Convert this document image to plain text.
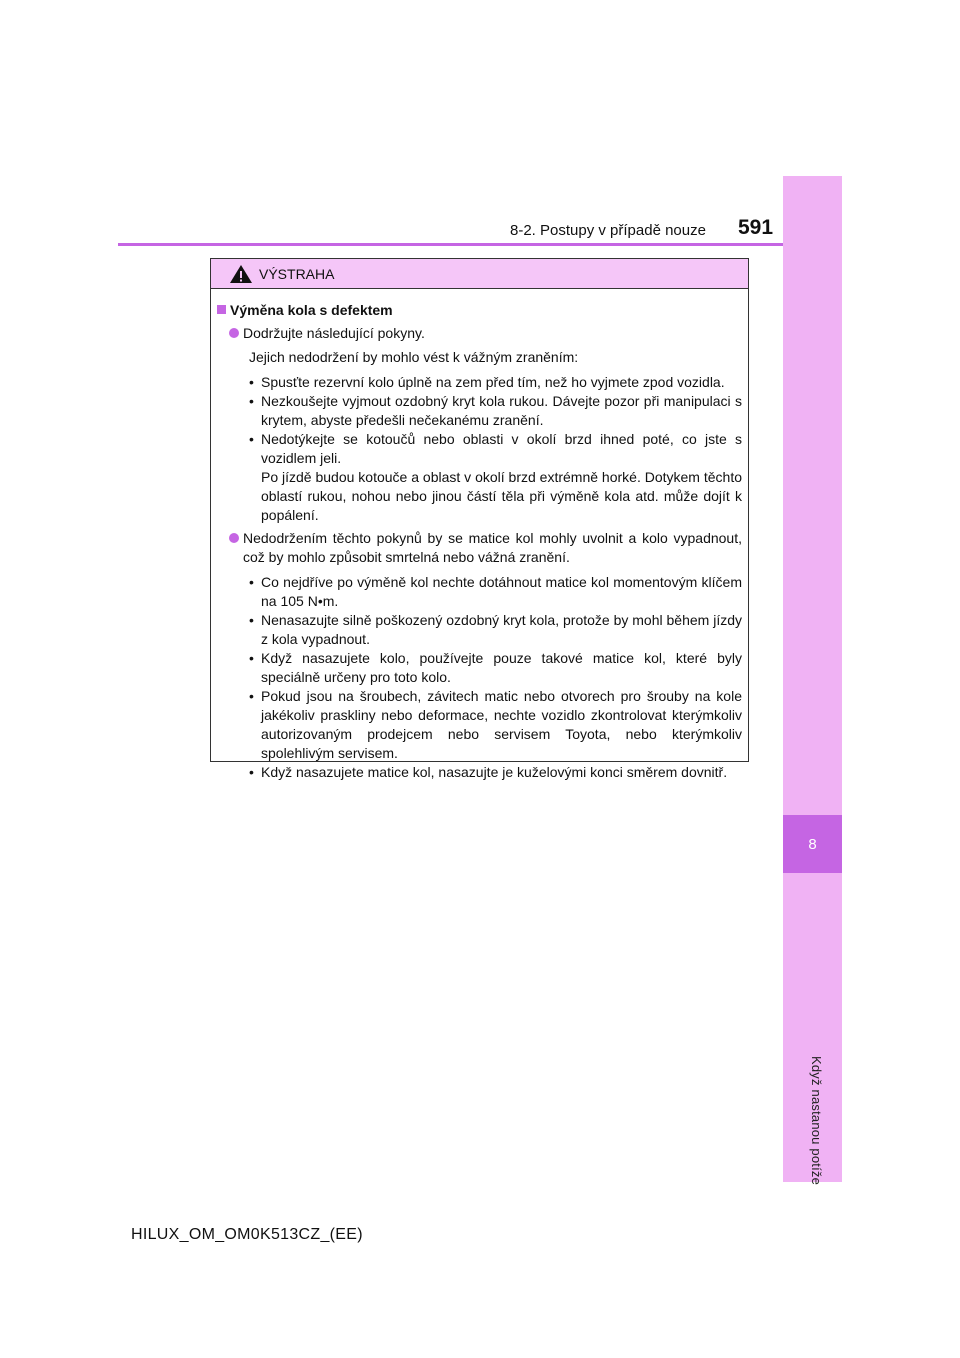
8
Když nastanou potíže
8-2. Postupy v případě nouze 591
VÝSTRAHA
Výměna kola s defektem
Dodržujte následující pokyny.
Jejich nedodržení by mohlo vést k vážným zraněním:
• Spusťte rezervní kolo úplně na zem před tím, než ho vyjmete zpod vozidla.
• Nezkoušejte vyjmout ozdobný kryt kola rukou. Dávejte pozor při manipulaci s krytem, abyste předešli nečekanému zranění.
• Nedotýkejte se kotoučů nebo oblasti v okolí brzd ihned poté, co jste s vozidlem jeli.
Po jízdě budou kotouče a oblast v okolí brzd extrémně horké. Dotykem těchto oblastí rukou, nohou nebo jinou částí těla při výměně kola atd. může dojít k popálení.
Nedodržením těchto pokynů by se matice kol mohly uvolnit a kolo vypadnout, což by mohlo způsobit smrtelná nebo vážná zranění.
• Co nejdříve po výměně kol nechte dotáhnout matice kol momentovým klíčem na 105 N•m.
• Nenasazujte silně poškozený ozdobný kryt kola, protože by mohl během jízdy z kola vypadnout.
• Když nasazujete kolo, používejte pouze takové matice kol, které byly speciálně určeny pro toto kolo.
• Pokud jsou na šroubech, závitech matic nebo otvorech pro šrouby na kole jakékoliv praskliny nebo deformace, nechte vozidlo zkontrolovat kterýmkoliv autorizovaným prodejcem nebo servisem Toyota, nebo kterýmkoliv spolehlivým servisem.
• Když nasazujete matice kol, nasazujte je kuželovými konci směrem dovnitř.
HILUX_OM_OM0K513CZ_(EE)
